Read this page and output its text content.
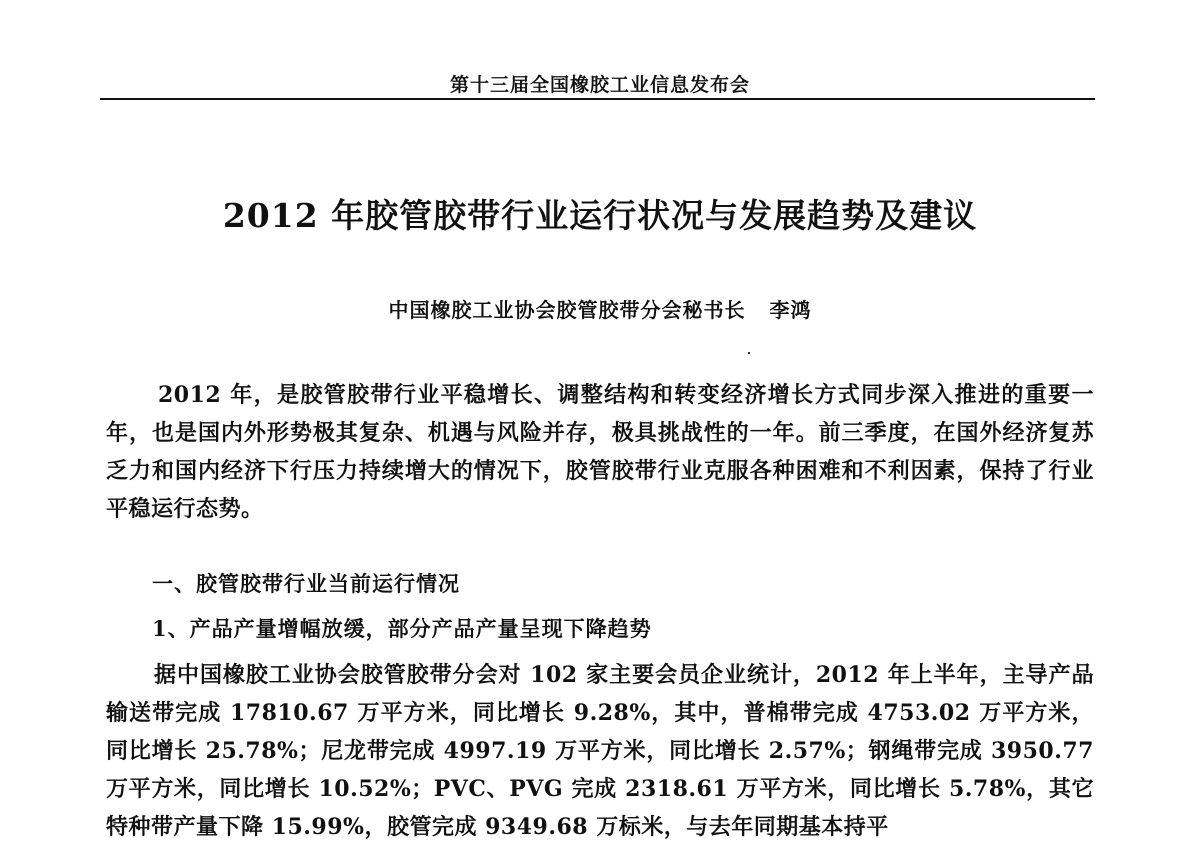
第十三届全国橡胶工业信息发布会
2012 年胶管胶带行业运行状况与发展趋势及建议
中国橡胶工业协会胶管胶带分会秘书长 李鸿
2012 年，是胶管胶带行业平稳增长、调整结构和转变经济增长方式同步深入推进的重要一年，也是国内外形势极其复杂、机遇与风险并存，极具挑战性的一年。前三季度，在国外经济复苏乏力和国内经济下行压力持续增大的情况下，胶管胶带行业克服各种困难和不利因素，保持了行业平稳运行态势。
一、胶管胶带行业当前运行情况
1、产品产量增幅放缓，部分产品产量呈现下降趋势
据中国橡胶工业协会胶管胶带分会对 102 家主要会员企业统计，2012 年上半年，主导产品输送带完成 17810.67 万平方米，同比增长 9.28%，其中，普棉带完成 4753.02 万平方米，同比增长 25.78%；尼龙带完成 4997.19 万平方米，同比增长 2.57%；钢绳带完成 3950.77 万平方米，同比增长 10.52%；PVC、PVG 完成 2318.61 万平方米，同比增长 5.78%，其它特种带产量下降 15.99%，胶管完成 9349.68 万标米，与去年同期基本持平
